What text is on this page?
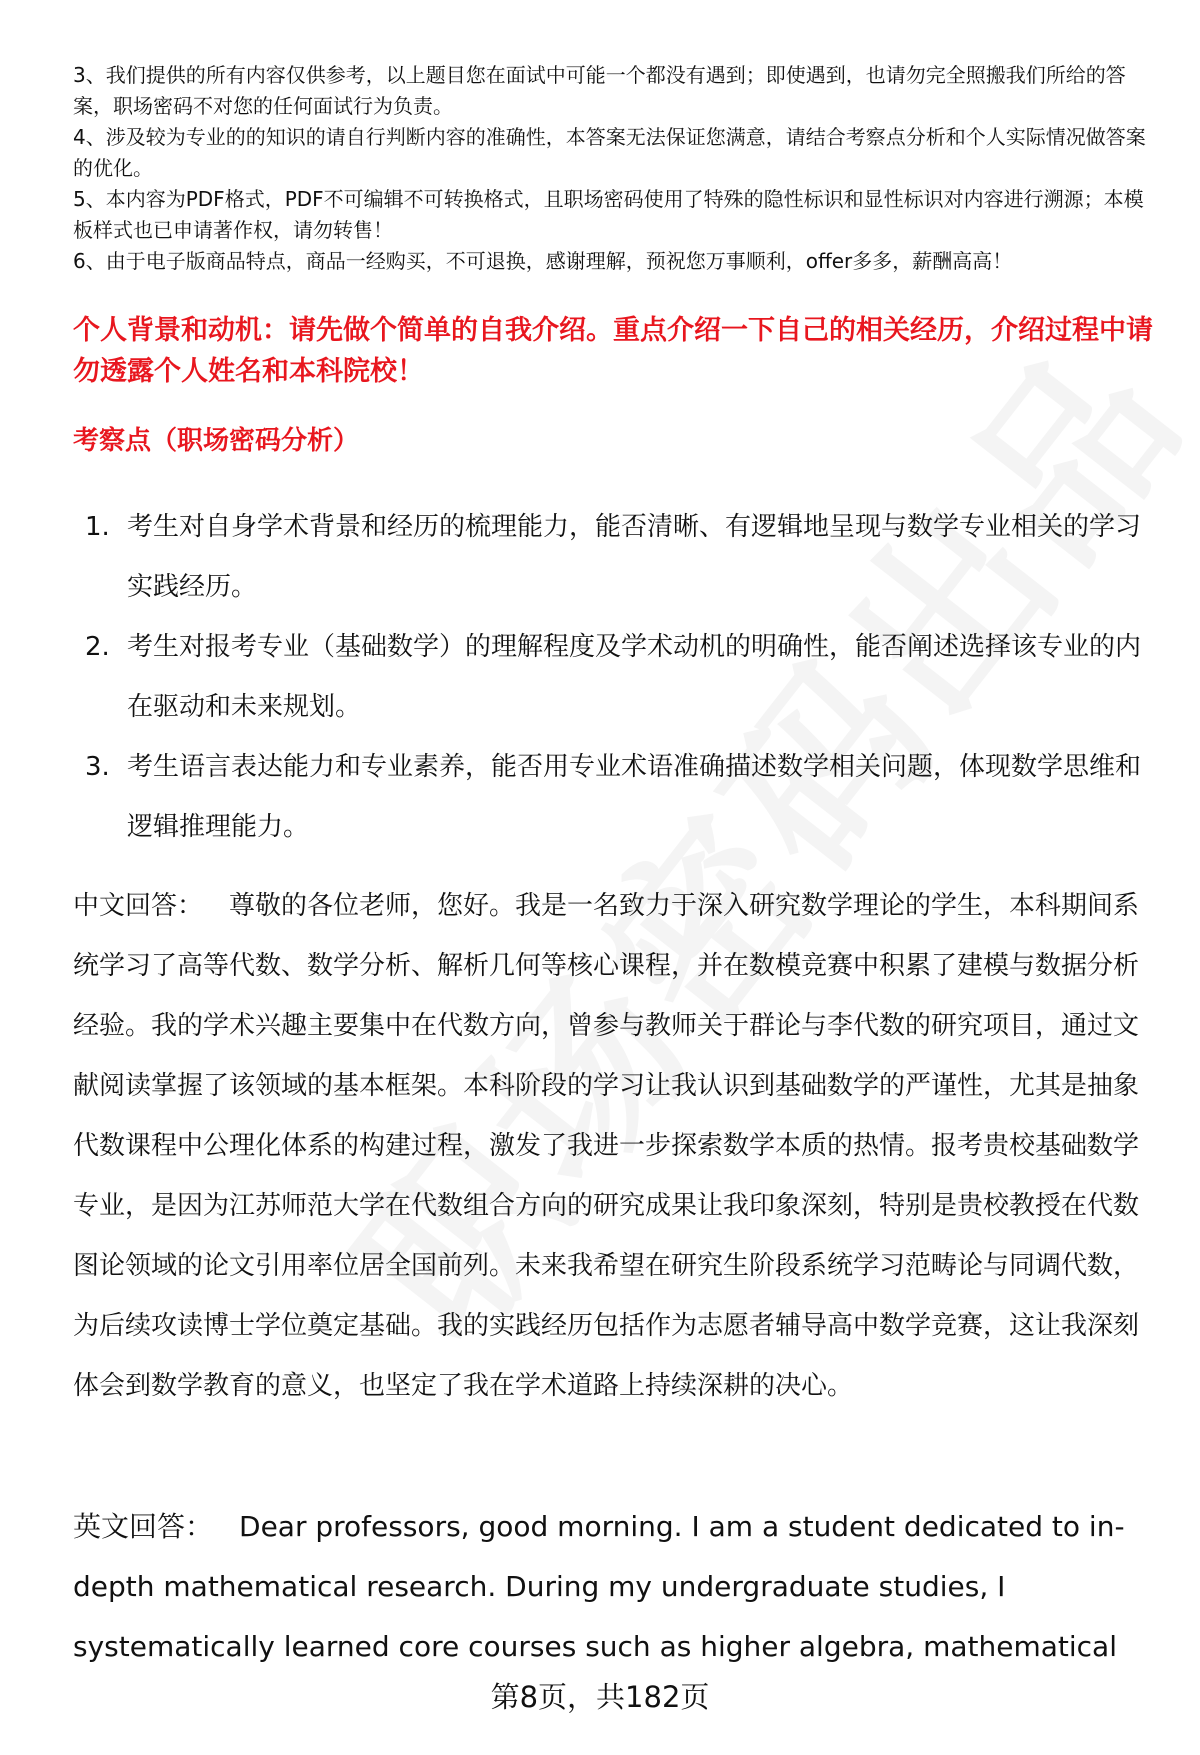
3、我们提供的所有内容仅供参考，以上题目您在面试中可能一个都没有遇到；即使遇到，也请勿完全照搬我们所给的答案，职场密码不对您的任何面试行为负责。

4、涉及较为专业的的知识的请自行判断内容的准确性，本答案无法保证您满意，请结合考察点分析和个人实际情况做答案的优化。

5、本内容为PDF格式，PDF不可编辑不可转换格式，且职场密码使用了特殊的隐性标识和显性标识对内容进行溯源；本模板样式也已申请著作权，请勿转售！

6、由于电子版商品特点，商品一经购买，不可退换，感谢理解，预祝您万事顺利，offer多多，薪酬高高！

个人背景和动机：请先做个简单的自我介绍。重点介绍一下自己的相关经历，介绍过程中请勿透露个人姓名和本科院校！

考察点（职场密码分析）

1. 考生对自身学术背景和经历的梳理能力，能否清晰、有逻辑地呈现与数学专业相关的学习实践经历。
2. 考生对报考专业（基础数学）的理解程度及学术动机的明确性，能否阐述选择该专业的内在驱动和未来规划。
3. 考生语言表达能力和专业素养，能否用专业术语准确描述数学相关问题，体现数学思维和逻辑推理能力。

中文回答： 尊敬的各位老师，您好。我是一名致力于深入研究数学理论的学生，本科期间系统学习了高等代数、数学分析、解析几何等核心课程，并在数模竞赛中积累了建模与数据分析经验。我的学术兴趣主要集中在代数方向，曾参与教师关于群论与李代数的研究项目，通过文献阅读掌握了该领域的基本框架。本科阶段的学习让我认识到基础数学的严谨性，尤其是抽象代数课程中公理化体系的构建过程，激发了我进一步探索数学本质的热情。报考贵校基础数学专业，是因为江苏师范大学在代数组合方向的研究成果让我印象深刻，特别是贵校教授在代数图论领域的论文引用率位居全国前列。未来我希望在研究生阶段系统学习范畴论与同调代数，为后续攻读博士学位奠定基础。我的实践经历包括作为志愿者辅导高中数学竞赛，这让我深刻体会到数学教育的意义，也坚定了我在学术道路上持续深耕的决心。

英文回答： Dear professors, good morning. I am a student dedicated to in-depth mathematical research. During my undergraduate studies, I systematically learned core courses such as higher algebra, mathematical

第8页，共182页
